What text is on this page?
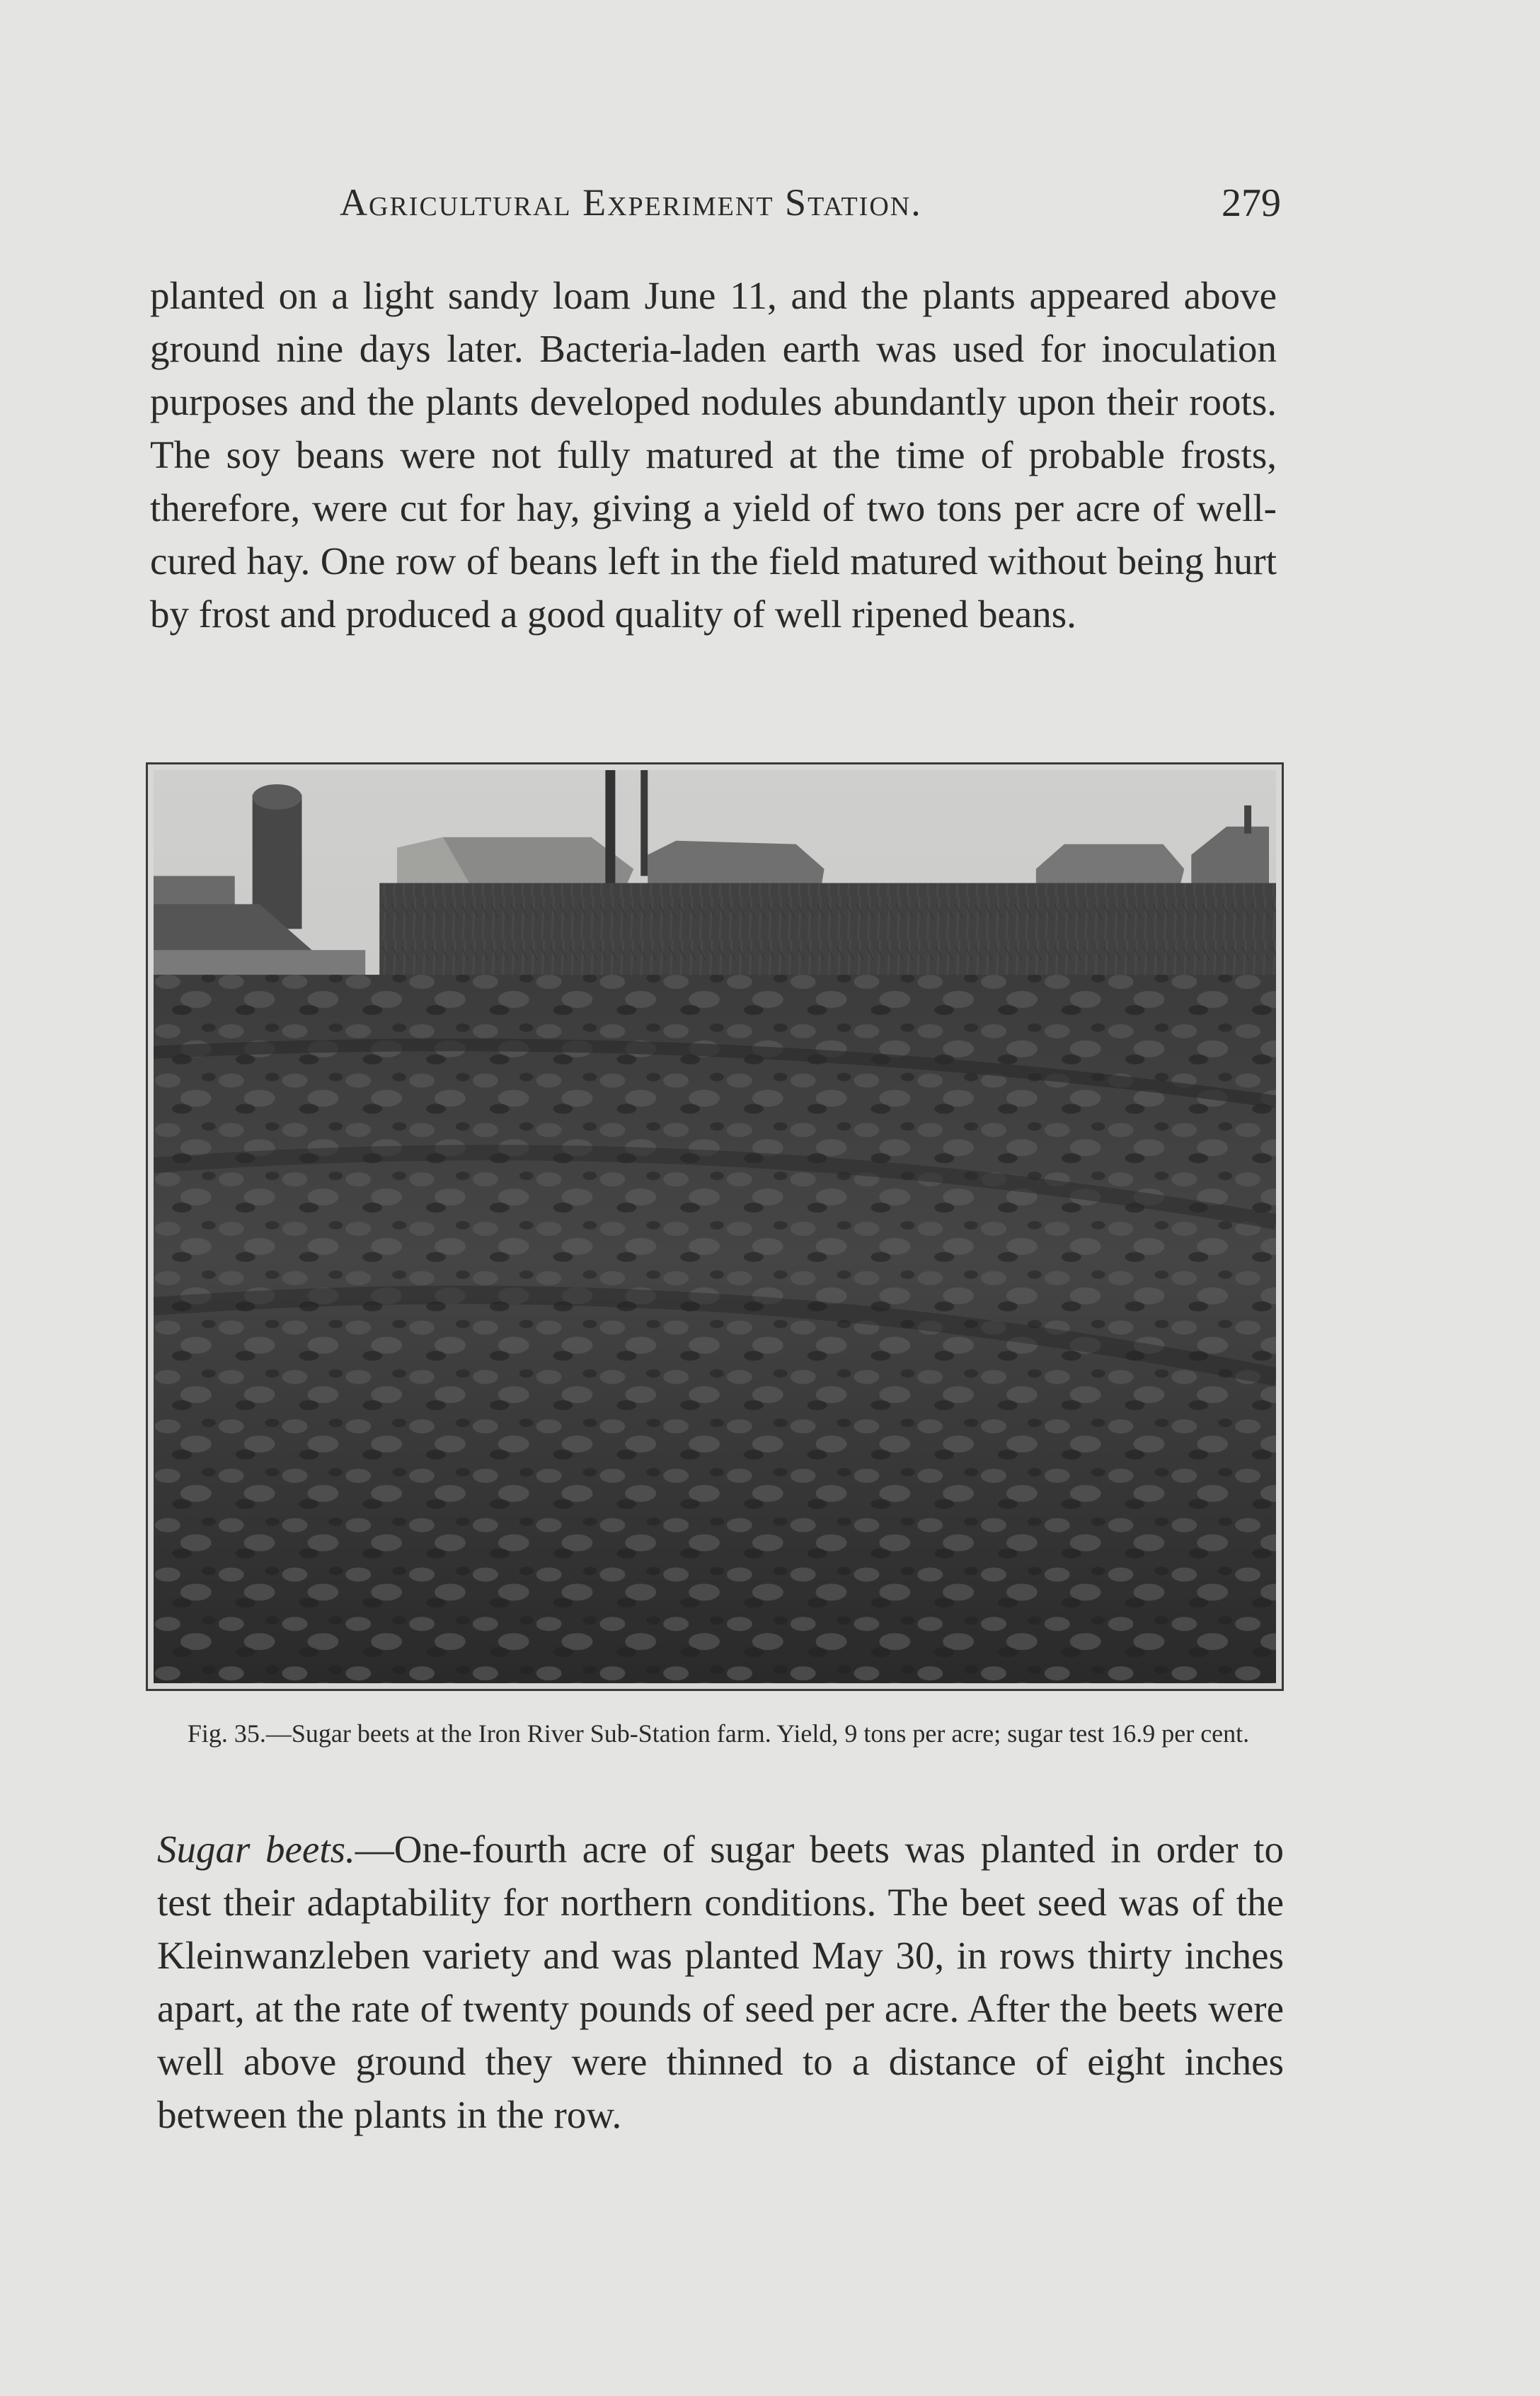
Agricultural Experiment Station.	279

planted on a light sandy loam June 11, and the plants appeared above ground nine days later. Bacteria-laden earth was used for inoculation purposes and the plants developed nodules abundantly upon their roots. The soy beans were not fully matured at the time of probable frosts, therefore, were cut for hay, giving a yield of two tons per acre of well-cured hay. One row of beans left in the field matured without being hurt by frost and produced a good quality of well ripened beans.

Fig. 35.—Sugar beets at the Iron River Sub-Station farm. Yield, 9 tons per acre; sugar test 16.9 per cent.

Sugar beets.—One-fourth acre of sugar beets was planted in order to test their adaptability for northern conditions. The beet seed was of the Kleinwanzleben variety and was planted May 30, in rows thirty inches apart, at the rate of twenty pounds of seed per acre. After the beets were well above ground they were thinned to a distance of eight inches between the plants in the row.
